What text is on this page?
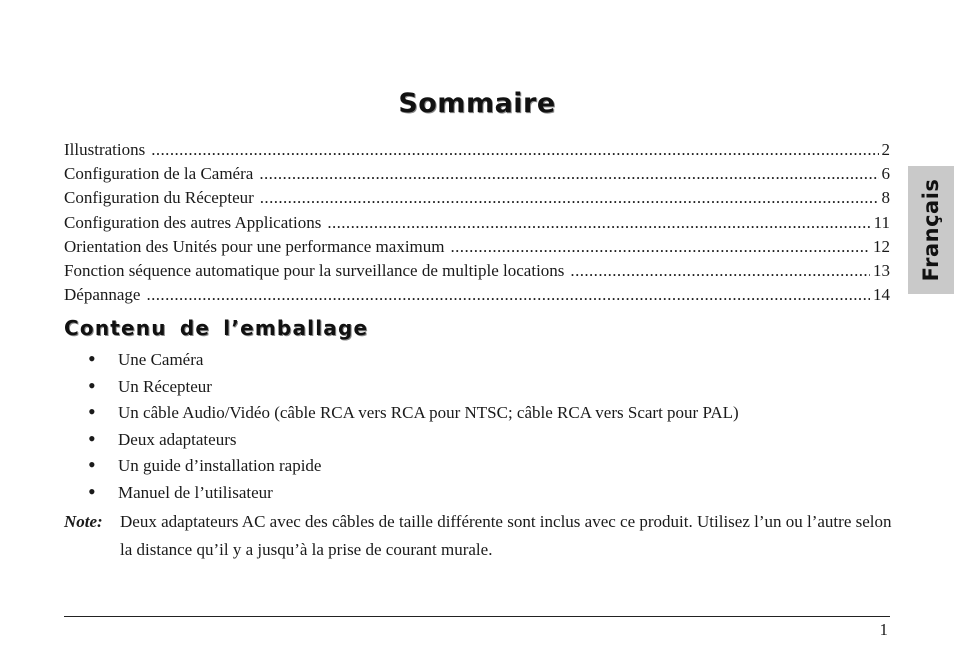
Sommaire
Illustrations .....	2
Configuration de la Caméra .....	6
Configuration du Récepteur .....	8
Configuration des autres Applications .....	11
Orientation des Unités pour une performance maximum .....	12
Fonction séquence automatique pour la surveillance de multiple locations .....	13
Dépannage .....	14
Contenu de l’emballage
•	Une Caméra
•	Un Récepteur
•	Un câble Audio/Vidéo (câble RCA vers RCA pour NTSC; câble RCA vers Scart pour PAL)
•	Deux adaptateurs
•	Un guide d’installation rapide
•	Manuel de l’utilisateur
Note:	Deux adaptateurs AC avec des câbles de taille différente sont inclus avec ce produit. Utilisez l’un ou l’autre selon la distance qu’il y a jusqu’à la prise de courant murale.
1
Français
